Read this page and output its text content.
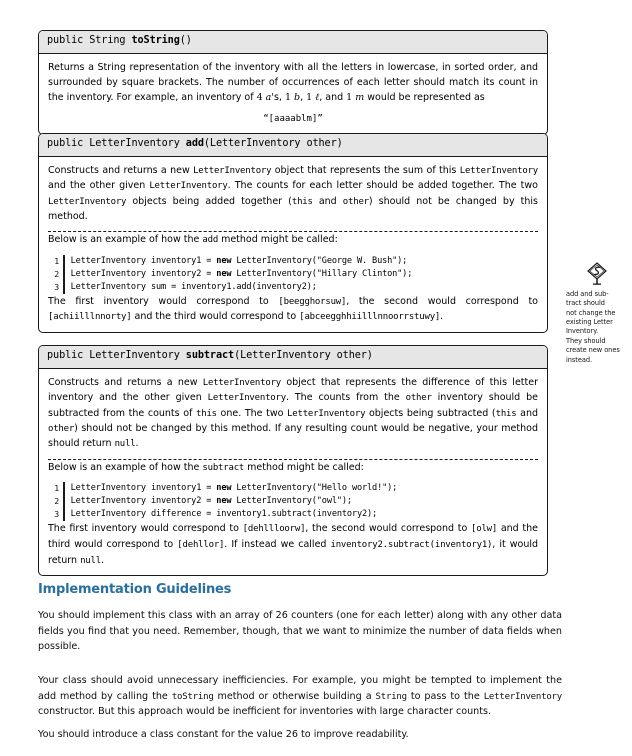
public String toString()

Returns a String representation of the inventory with all the letters in lowercase, in sorted order, and surrounded by square brackets. The number of occurrences of each letter should match its count in the inventory. For example, an inventory of 4 a's, 1 b, 1 ℓ, and 1 m would be represented as

“[aaaablm]”
public LetterInventory add(LetterInventory other)

Constructs and returns a new LetterInventory object that represents the sum of this LetterInventory and the other given LetterInventory. The counts for each letter should be added together. The two LetterInventory objects being added together (this and other) should not be changed by this method.

Below is an example of how the add method might be called:

1	LetterInventory inventory1 = new LetterInventory("George W. Bush");
2	LetterInventory inventory2 = new LetterInventory("Hillary Clinton");
3	LetterInventory sum = inventory1.add(inventory2);

The first inventory would correspond to [beegghorsuw], the second would correspond to [achiilllnnorty] and the third would correspond to [abceegghhiilllnnoorrstuwy].

add and sub-
tract should
not change the
existing Letter
Inventory.
They should
create new ones
instead.
public LetterInventory subtract(LetterInventory other)

Constructs and returns a new LetterInventory object that represents the difference of this letter inventory and the other given LetterInventory. The counts from the other inventory should be subtracted from the counts of this one. The two LetterInventory objects being subtracted (this and other) should not be changed by this method. If any resulting count would be negative, your method should return null.

Below is an example of how the subtract method might be called:

1	LetterInventory inventory1 = new LetterInventory("Hello world!");
2	LetterInventory inventory2 = new LetterInventory("owl");
3	LetterInventory difference = inventory1.subtract(inventory2);

The first inventory would correspond to [dehllloorw], the second would correspond to [olw] and the third would correspond to [dehllor]. If instead we called inventory2.subtract(inventory1), it would return null.

Implementation Guidelines

You should implement this class with an array of 26 counters (one for each letter) along with any other data fields you find that you need. Remember, though, that we want to minimize the number of data fields when possible.

Your class should avoid unnecessary inefficiencies. For example, you might be tempted to implement the add method by calling the toString method or otherwise building a String to pass to the LetterInventory constructor. But this approach would be inefficient for inventories with large character counts.

You should introduce a class constant for the value 26 to improve readability.
